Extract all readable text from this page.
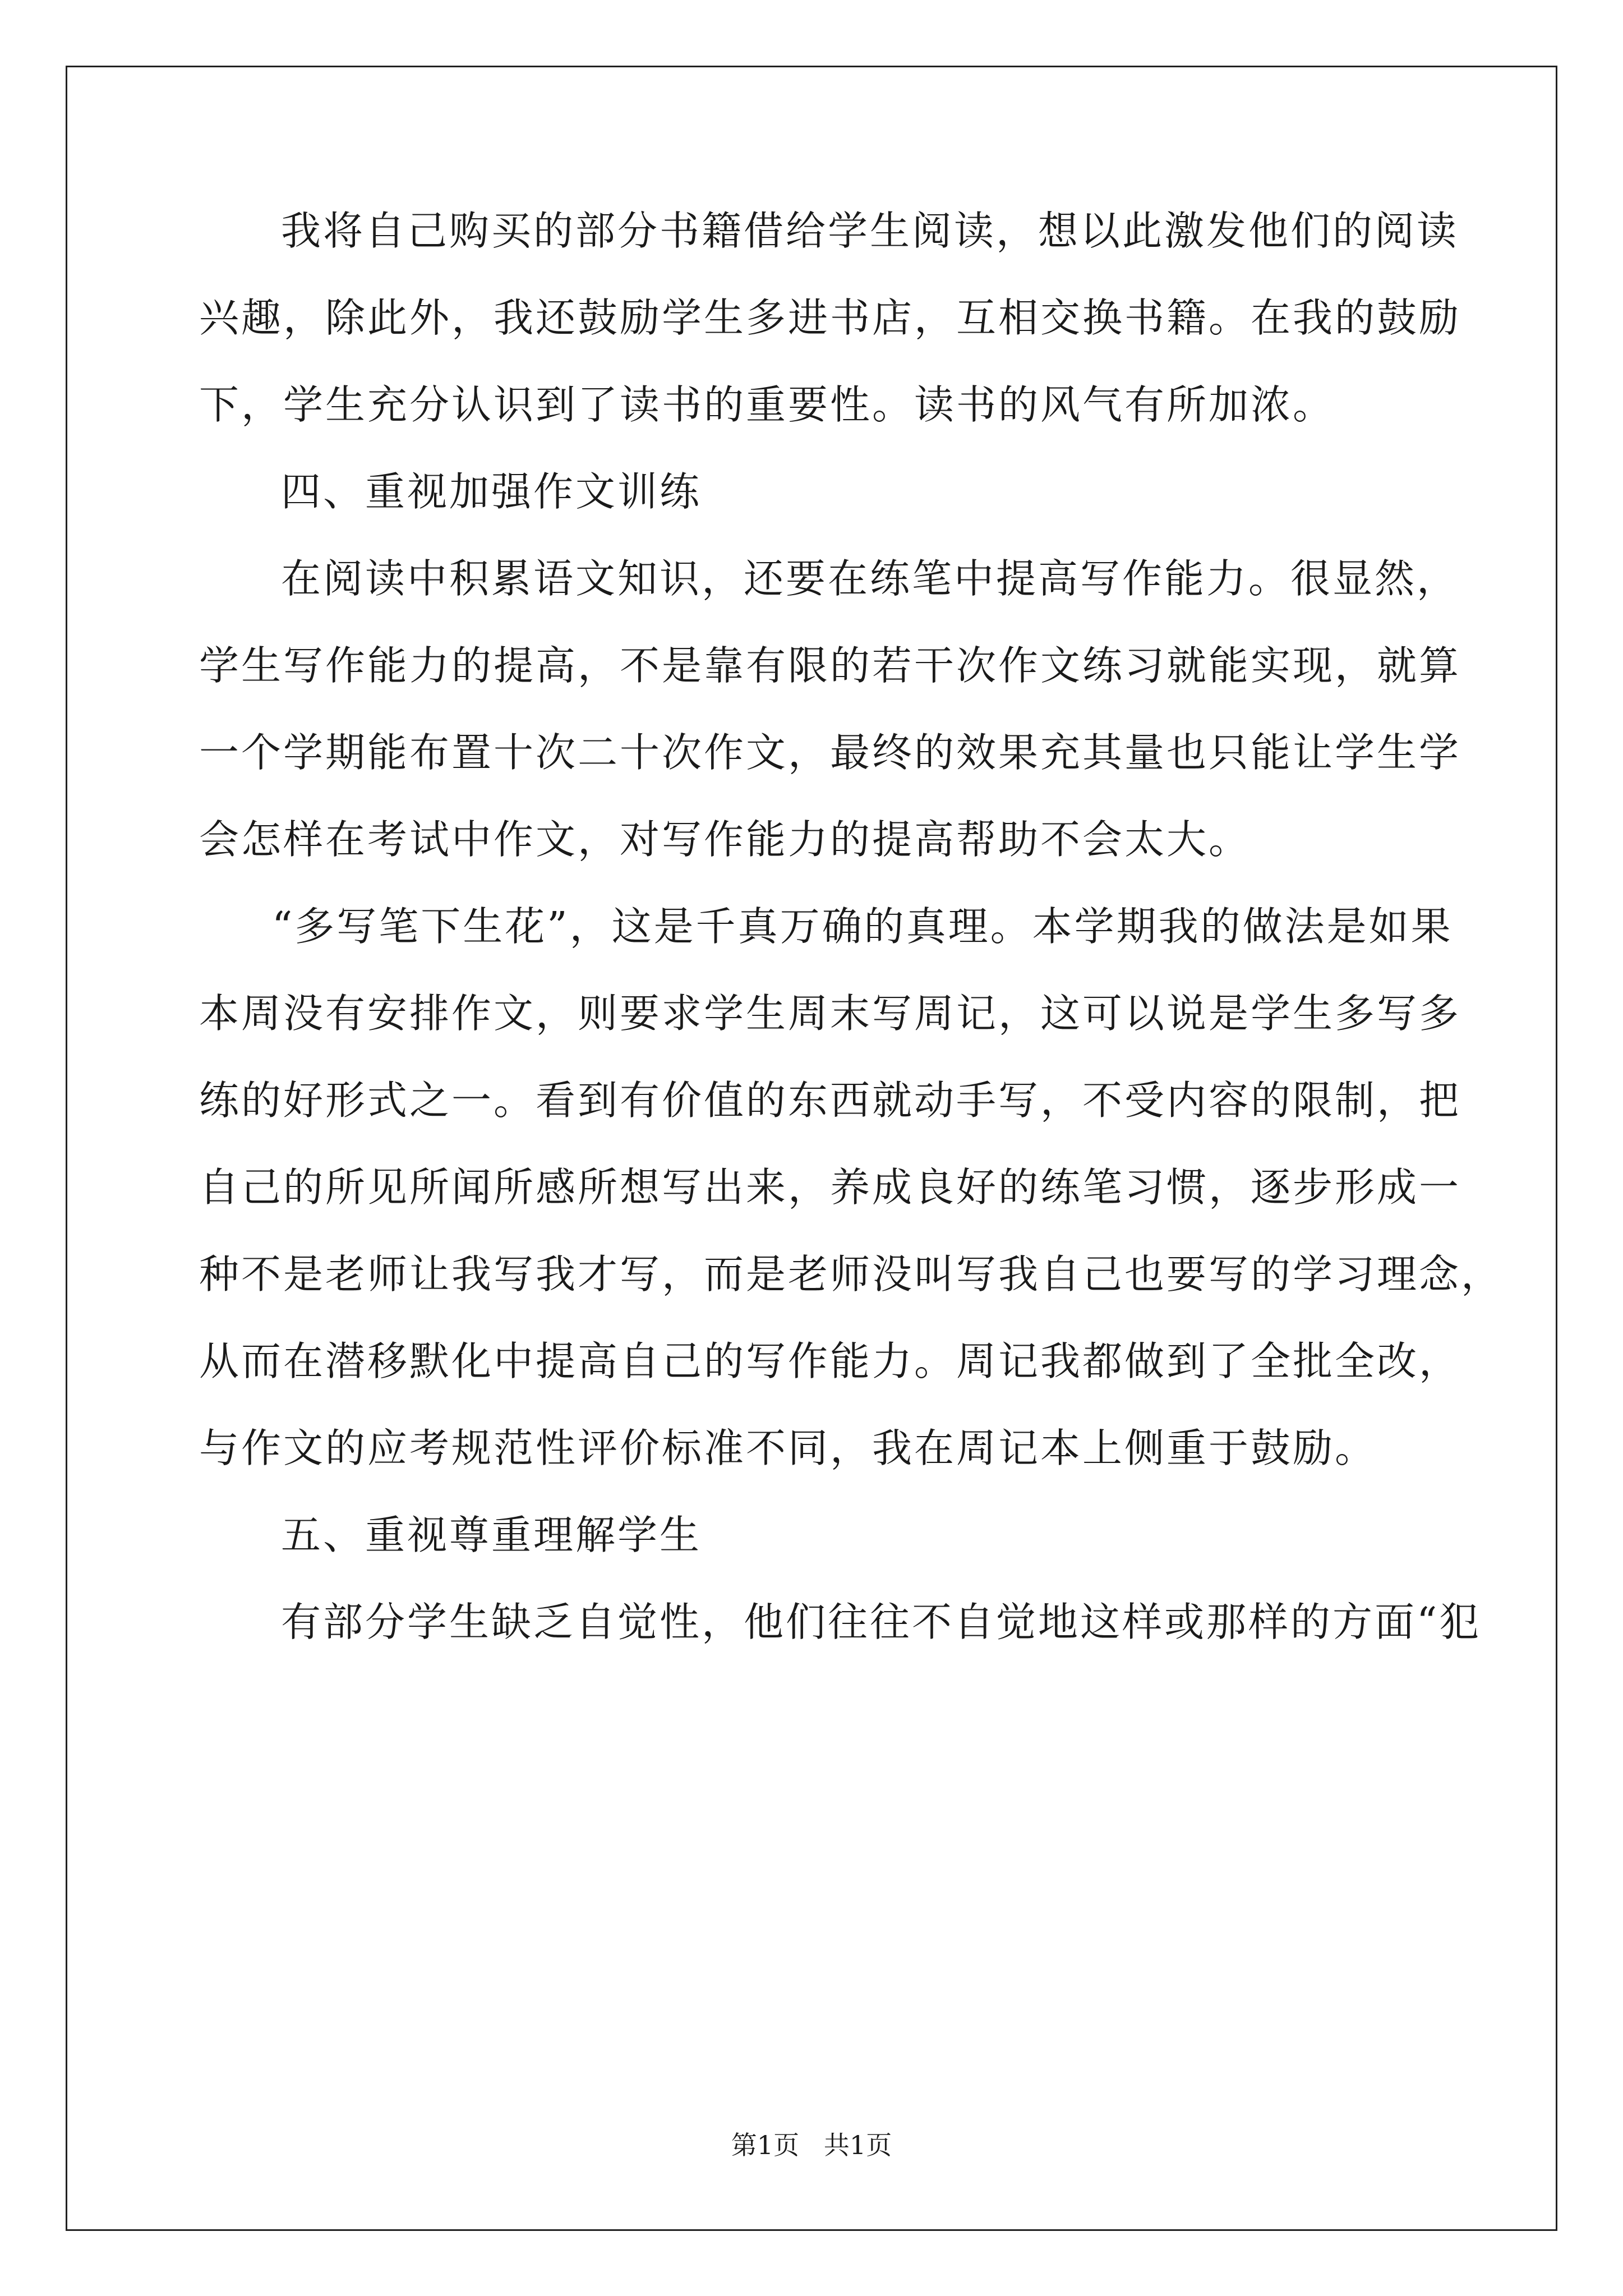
我将自己购买的部分书籍借给学生阅读，想以此激发他们的阅读
兴趣，除此外，我还鼓励学生多进书店，互相交换书籍。在我的鼓励
下，学生充分认识到了读书的重要性。读书的风气有所加浓。
四、重视加强作文训练
在阅读中积累语文知识，还要在练笔中提高写作能力。很显然，
学生写作能力的提高，不是靠有限的若干次作文练习就能实现，就算
一个学期能布置十次二十次作文，最终的效果充其量也只能让学生学
会怎样在考试中作文，对写作能力的提高帮助不会太大。
“多写笔下生花”，这是千真万确的真理。本学期我的做法是如果
本周没有安排作文，则要求学生周末写周记，这可以说是学生多写多
练的好形式之一。看到有价值的东西就动手写，不受内容的限制，把
自己的所见所闻所感所想写出来，养成良好的练笔习惯，逐步形成一
种不是老师让我写我才写，而是老师没叫写我自己也要写的学习理念，
从而在潜移默化中提高自己的写作能力。周记我都做到了全批全改，
与作文的应考规范性评价标准不同，我在周记本上侧重于鼓励。
五、重视尊重理解学生
有部分学生缺乏自觉性，他们往往不自觉地这样或那样的方面“犯
第1页   共1页
